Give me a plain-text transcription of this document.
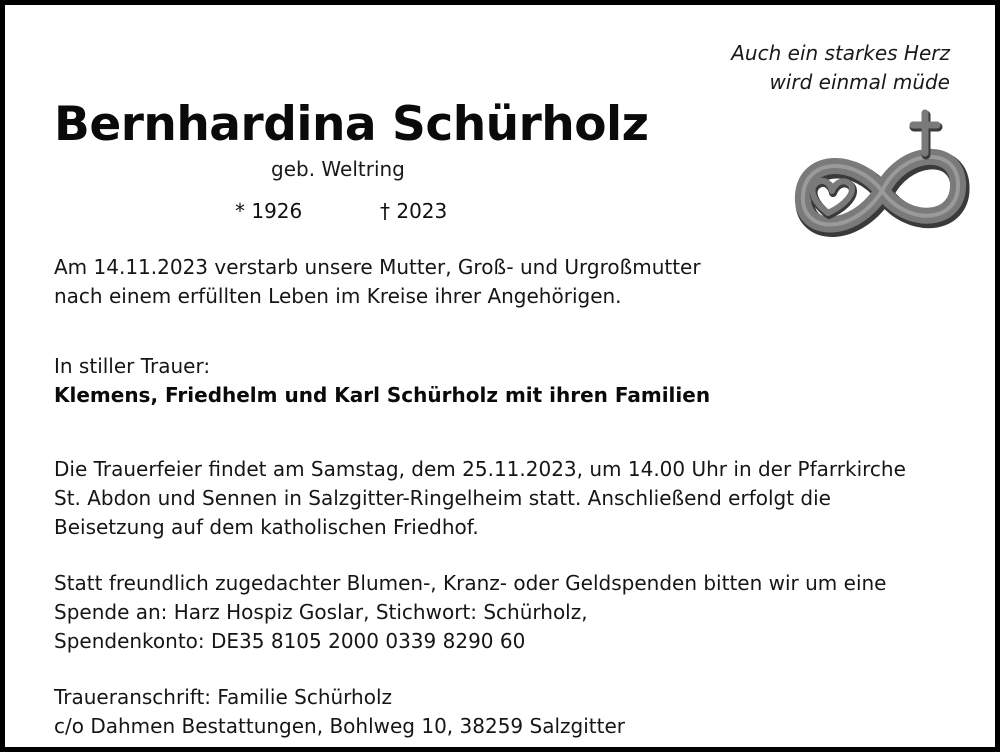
Auch ein starkes Herz
wird einmal müde
Bernhardina Schürholz
geb. Weltring
* 1926	† 2023
Am 14.11.2023 verstarb unsere Mutter, Groß- und Urgroßmutter
nach einem erfüllten Leben im Kreise ihrer Angehörigen.
In stiller Trauer:
Klemens, Friedhelm und Karl Schürholz mit ihren Familien
Die Trauerfeier findet am Samstag, dem 25.11.2023, um 14.00 Uhr in der Pfarrkirche
St. Abdon und Sennen in Salzgitter-Ringelheim statt. Anschließend erfolgt die
Beisetzung auf dem katholischen Friedhof.
Statt freundlich zugedachter Blumen-, Kranz- oder Geldspenden bitten wir um eine
Spende an: Harz Hospiz Goslar, Stichwort: Schürholz,
Spendenkonto: DE35 8105 2000 0339 8290 60
Traueranschrift: Familie Schürholz
c/o Dahmen Bestattungen, Bohlweg 10, 38259 Salzgitter
